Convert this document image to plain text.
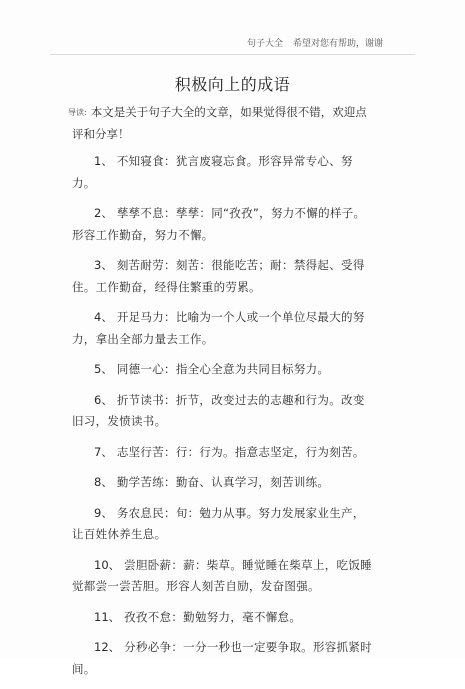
句子大全 希望对您有帮助，谢谢
积极向上的成语

导读: 本文是关于句子大全的文章，如果觉得很不错，欢迎点评和分享！

1、 不知寝食：犹言废寝忘食。形容异常专心、努力。

2、 孳孳不息：孳孳：同“孜孜”，努力不懈的样子。形容工作勤奋，努力不懈。

3、 刻苦耐劳：刻苦：很能吃苦；耐：禁得起、受得住。工作勤奋，经得住繁重的劳累。

4、 开足马力：比喻为一个人或一个单位尽最大的努力，拿出全部力量去工作。

5、 同德一心：指全心全意为共同目标努力。

6、 折节读书：折节，改变过去的志趣和行为。改变旧习，发愤读书。

7、 志坚行苦：行：行为。指意志坚定，行为刻苦。

8、 勤学苦练：勤奋、认真学习，刻苦训练。

9、 务农息民：旬：勉力从事。努力发展家业生产，让百姓休养生息。

10、 尝胆卧薪：薪：柴草。睡觉睡在柴草上，吃饭睡觉都尝一尝苦胆。形容人刻苦自励，发奋图强。

11、 孜孜不怠：勤勉努力，毫不懈怠。

12、 分秒必争：一分一秒也一定要争取。形容抓紧时间。
